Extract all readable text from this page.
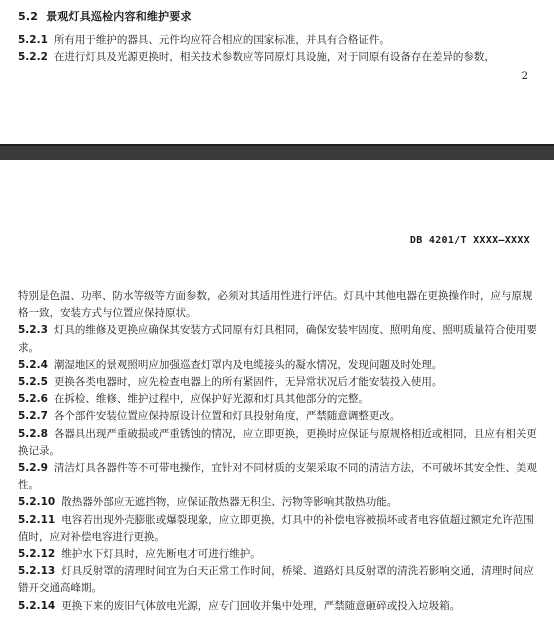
5.2 景观灯具巡检内容和维护要求
5.2.1 所有用于维护的器具、元件均应符合相应的国家标准，并具有合格证件。
5.2.2 在进行灯具及光源更换时，相关技术参数应等同原灯具设施，对于同原有设备存在差异的参数，
2
DB 4201/T XXXX—XXXX

特别是色温、功率、防水等级等方面参数，必须对其适用性进行评估。灯具中其他电器在更换操作时，应与原规格一致，安装方式与位置应保持原状。

5.2.3 灯具的维修及更换应确保其安装方式同原有灯具相同，确保安装牢固度、照明角度、照明质量符合使用要求。

5.2.4 潮湿地区的景观照明应加强巡查灯罩内及电缆接头的凝水情况，发现问题及时处理。

5.2.5 更换各类电器时，应先检查电器上的所有紧固件，无异常状况后才能安装投入使用。

5.2.6 在拆检、维修、维护过程中，应保护好光源和灯具其他部分的完整。

5.2.7 各个部件安装位置应保持原设计位置和灯具投射角度，严禁随意调整更改。

5.2.8 各器具出现严重破损或严重锈蚀的情况，应立即更换，更换时应保证与原规格相近或相同，且应有相关更换记录。

5.2.9 清洁灯具各器件等不可带电操作，宜针对不同材质的支架采取不同的清洁方法，不可破坏其安全性、美观性。

5.2.10 散热器外部应无遮挡物，应保证散热器无积尘、污物等影响其散热功能。

5.2.11 电容若出现外壳膨胀或爆裂现象，应立即更换，灯具中的补偿电容被损坏或者电容值超过额定允许范围值时，应对补偿电容进行更换。

5.2.12 维护水下灯具时，应先断电才可进行维护。

5.2.13 灯具反射罩的清理时间宜为白天正常工作时间，桥梁、道路灯具反射罩的清洗若影响交通，清理时间应错开交通高峰期。

5.2.14 更换下来的废旧气体放电光源，应专门回收并集中处理，严禁随意砸碎或投入垃圾箱。
